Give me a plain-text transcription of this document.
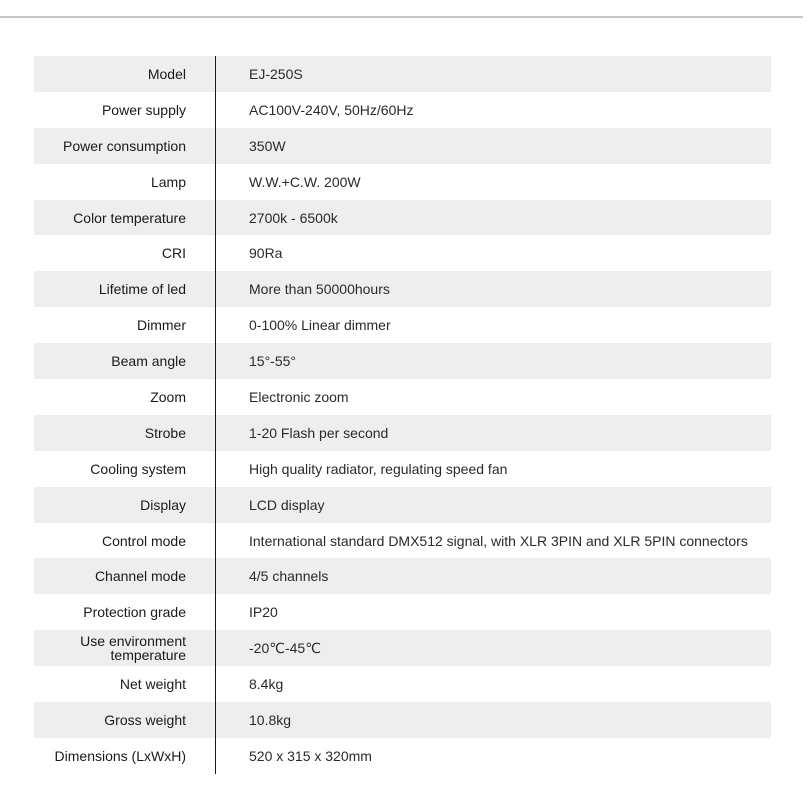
Model	EJ-250S
Power supply	AC100V-240V, 50Hz/60Hz
Power consumption	350W
Lamp	W.W.+C.W. 200W
Color temperature	2700k - 6500k
CRI	90Ra
Lifetime of led	More than 50000hours
Dimmer	0-100% Linear dimmer
Beam angle	15°-55°
Zoom	Electronic zoom
Strobe	1-20 Flash per second
Cooling system	High quality radiator, regulating speed fan
Display	LCD display
Control mode	International standard DMX512 signal, with XLR 3PIN and XLR 5PIN connectors
Channel mode	4/5 channels
Protection grade	IP20
Use environment temperature	-20℃-45℃
Net weight	8.4kg
Gross weight	10.8kg
Dimensions (LxWxH)	520 x 315 x 320mm
